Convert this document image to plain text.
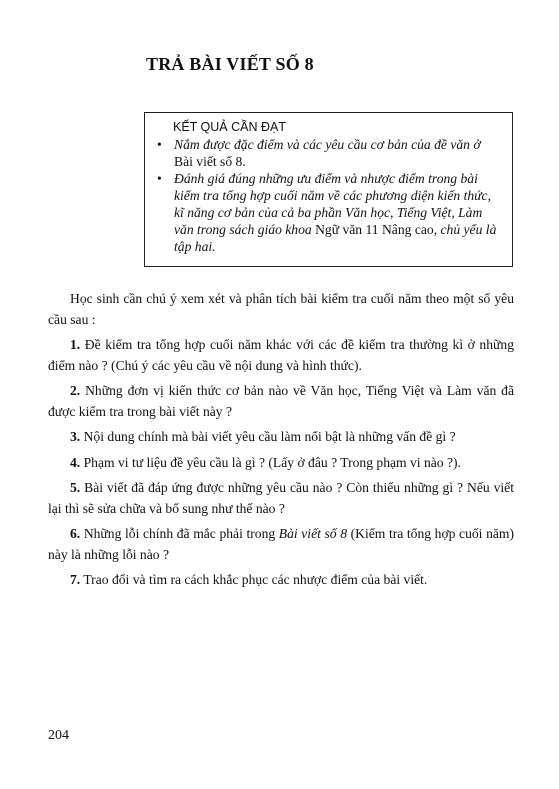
TRẢ BÀI VIẾT SỐ 8
KẾT QUẢ CẦN ĐẠT
• Nắm được đặc điểm và các yêu cầu cơ bản của đề văn ở Bài viết số 8.
• Đánh giá đúng những ưu điểm và nhược điểm trong bài kiểm tra tổng hợp cuối năm về các phương diện kiến thức, kĩ năng cơ bản của cả ba phần Văn học, Tiếng Việt, Làm văn trong sách giáo khoa Ngữ văn 11 Nâng cao, chủ yếu là tập hai.

Học sinh cần chú ý xem xét và phân tích bài kiểm tra cuối năm theo một số yêu cầu sau :

1. Đề kiểm tra tổng hợp cuối năm khác với các đề kiểm tra thường kì ở những điểm nào ? (Chú ý các yêu cầu về nội dung và hình thức).

2. Những đơn vị kiến thức cơ bản nào về Văn học, Tiếng Việt và Làm văn đã được kiểm tra trong bài viết này ?

3. Nội dung chính mà bài viết yêu cầu làm nổi bật là những vấn đề gì ?

4. Phạm vi tư liệu đề yêu cầu là gì ? (Lấy ở đâu ? Trong phạm vi nào ?).

5. Bài viết đã đáp ứng được những yêu cầu nào ? Còn thiếu những gì ? Nếu viết lại thì sẽ sửa chữa và bổ sung như thế nào ?

6. Những lỗi chính đã mắc phải trong Bài viết số 8 (Kiểm tra tổng hợp cuối năm) này là những lỗi nào ?

7. Trao đổi và tìm ra cách khắc phục các nhược điểm của bài viết.

204
